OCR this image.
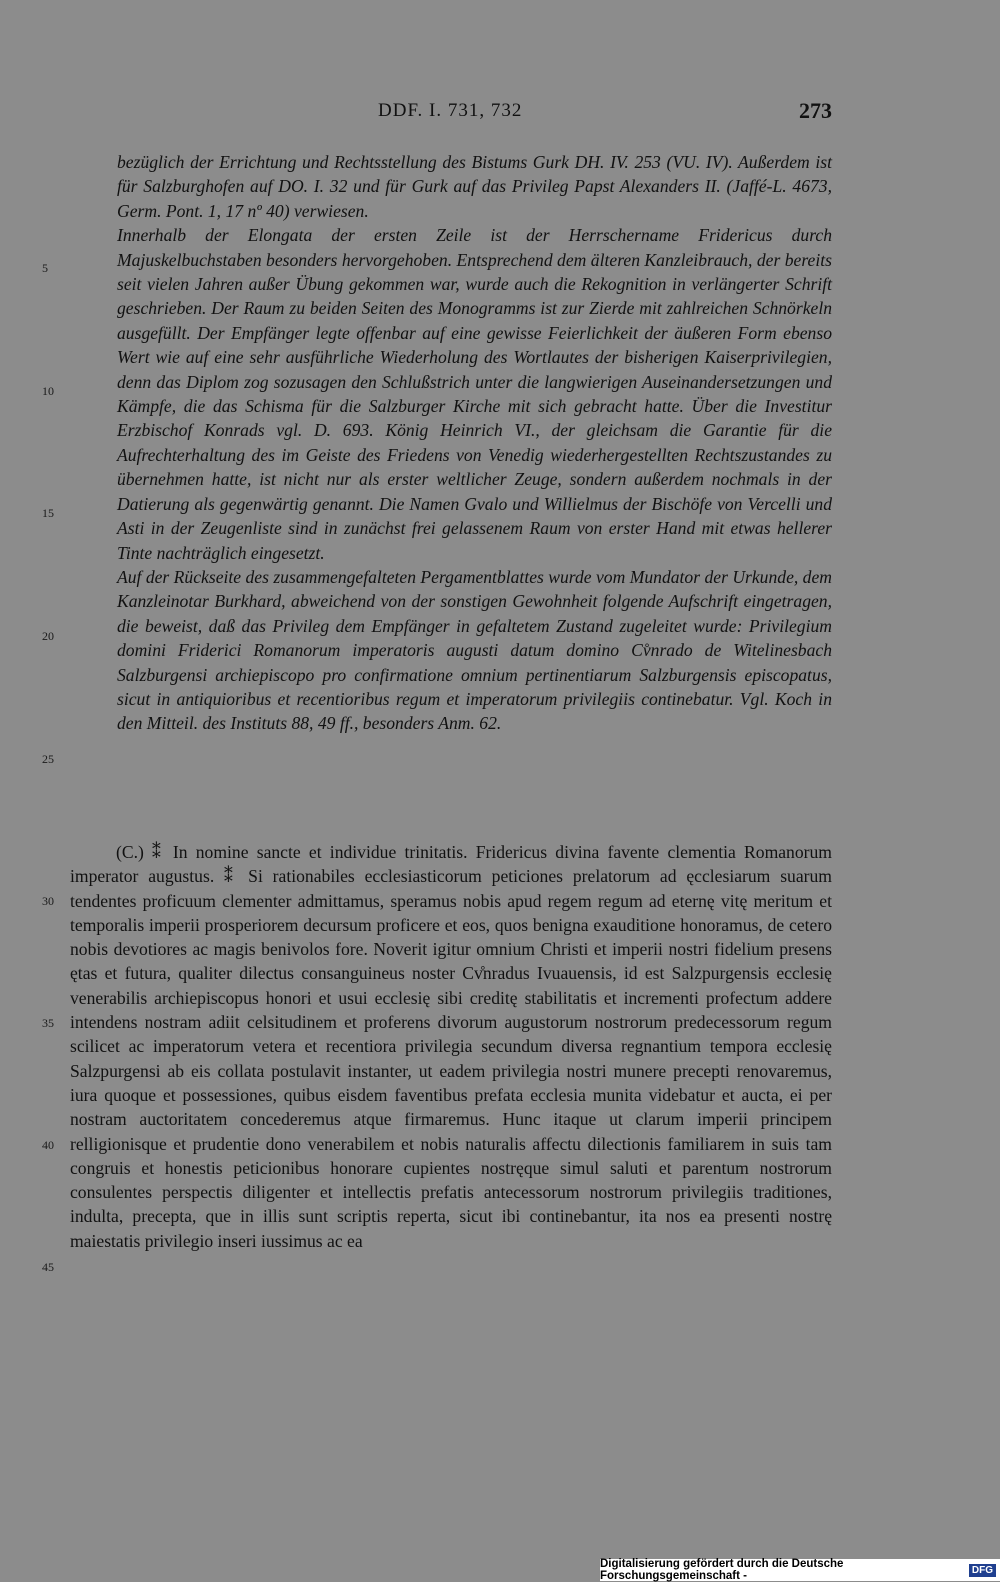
DDF. I. 731, 732	273
5
10
15
20
25
30
35
40
45

bezüglich der Errichtung und Rechtsstellung des Bistums Gurk DH. IV. 253 (VU. IV). Außerdem ist für Salzburghofen auf DO. I. 32 und für Gurk auf das Privileg Papst Alexanders II. (Jaffé-L. 4673, Germ. Pont. 1, 17 nº 40) verwiesen.

Innerhalb der Elongata der ersten Zeile ist der Herrschername Fridericus durch Majuskelbuchstaben besonders hervorgehoben. Entsprechend dem älteren Kanzleibrauch, der bereits seit vielen Jahren außer Übung gekommen war, wurde auch die Rekognition in verlängerter Schrift geschrieben. Der Raum zu beiden Seiten des Monogramms ist zur Zierde mit zahlreichen Schnörkeln ausgefüllt. Der Empfänger legte offenbar auf eine gewisse Feierlichkeit der äußeren Form ebenso Wert wie auf eine sehr ausführliche Wiederholung des Wortlautes der bisherigen Kaiserprivilegien, denn das Diplom zog sozusagen den Schlußstrich unter die langwierigen Auseinandersetzungen und Kämpfe, die das Schisma für die Salzburger Kirche mit sich gebracht hatte. Über die Investitur Erzbischof Konrads vgl. D. 693. König Heinrich VI., der gleichsam die Garantie für die Aufrechterhaltung des im Geiste des Friedens von Venedig wiederhergestellten Rechtszustandes zu übernehmen hatte, ist nicht nur als erster weltlicher Zeuge, sondern außerdem nochmals in der Datierung als gegenwärtig genannt. Die Namen Gvalo und Willielmus der Bischöfe von Vercelli und Asti in der Zeugenliste sind in zunächst frei gelassenem Raum von erster Hand mit etwas hellerer Tinte nachträglich eingesetzt.

Auf der Rückseite des zusammengefalteten Pergamentblattes wurde vom Mundator der Urkunde, dem Kanzleinotar Burkhard, abweichend von der sonstigen Gewohnheit folgende Aufschrift eingetragen, die beweist, daß das Privileg dem Empfänger in gefaltetem Zustand zugeleitet wurde: Privilegium domini Friderici Romanorum imperatoris augusti datum domino Cv̊nrado de Witelinesbach Salzburgensi archiepiscopo pro confirmatione omnium pertinentiarum Salzburgensis episcopatus, sicut in antiquioribus et recentioribus regum et imperatorum privilegiis continebatur. Vgl. Koch in den Mitteil. des Instituts 88, 49 ff., besonders Anm. 62.

(C.) ⁑ In nomine sancte et individue trinitatis. Fridericus divina favente clementia Romanorum imperator augustus. ⁑ Si rationabiles ecclesiasticorum peticiones prelatorum ad ęcclesiarum suarum tendentes proficuum clementer admittamus, speramus nobis apud regem regum ad eternę vitę meritum et temporalis imperii prosperiorem decursum proficere et eos, quos benigna exauditione honoramus, de cetero nobis devotiores ac magis benivolos fore. Noverit igitur omnium Christi et imperii nostri fidelium presens ętas et futura, qualiter dilectus consanguineus noster Cv̊nradus Ivuauensis, id est Salzpurgensis ecclesię venerabilis archiepiscopus honori et usui ecclesię sibi creditę stabilitatis et incrementi profectum addere intendens nostram adiit celsitudinem et proferens divorum augustorum nostrorum predecessorum regum scilicet ac imperatorum vetera et recentiora privilegia secundum diversa regnantium tempora ecclesię Salzpurgensi ab eis collata postulavit instanter, ut eadem privilegia nostri munere precepti renovaremus, iura quoque et possessiones, quibus eisdem faventibus prefata ecclesia munita videbatur et aucta, ei per nostram auctoritatem concederemus atque firmaremus. Hunc itaque ut clarum imperii principem relligionisque et prudentie dono venerabilem et nobis naturalis affectu dilectionis familiarem in suis tam congruis et honestis peticionibus honorare cupientes nostręque simul saluti et parentum nostrorum consulentes perspectis diligenter et intellectis prefatis antecessorum nostrorum privilegiis traditiones, indulta, precepta, que in illis sunt scriptis reperta, sicut ibi continebantur, ita nos ea presenti nostrę maiestatis privilegio inseri iussimus ac ea

Digitalisierung gefördert durch die Deutsche Forschungsgemeinschaft -	DFG
